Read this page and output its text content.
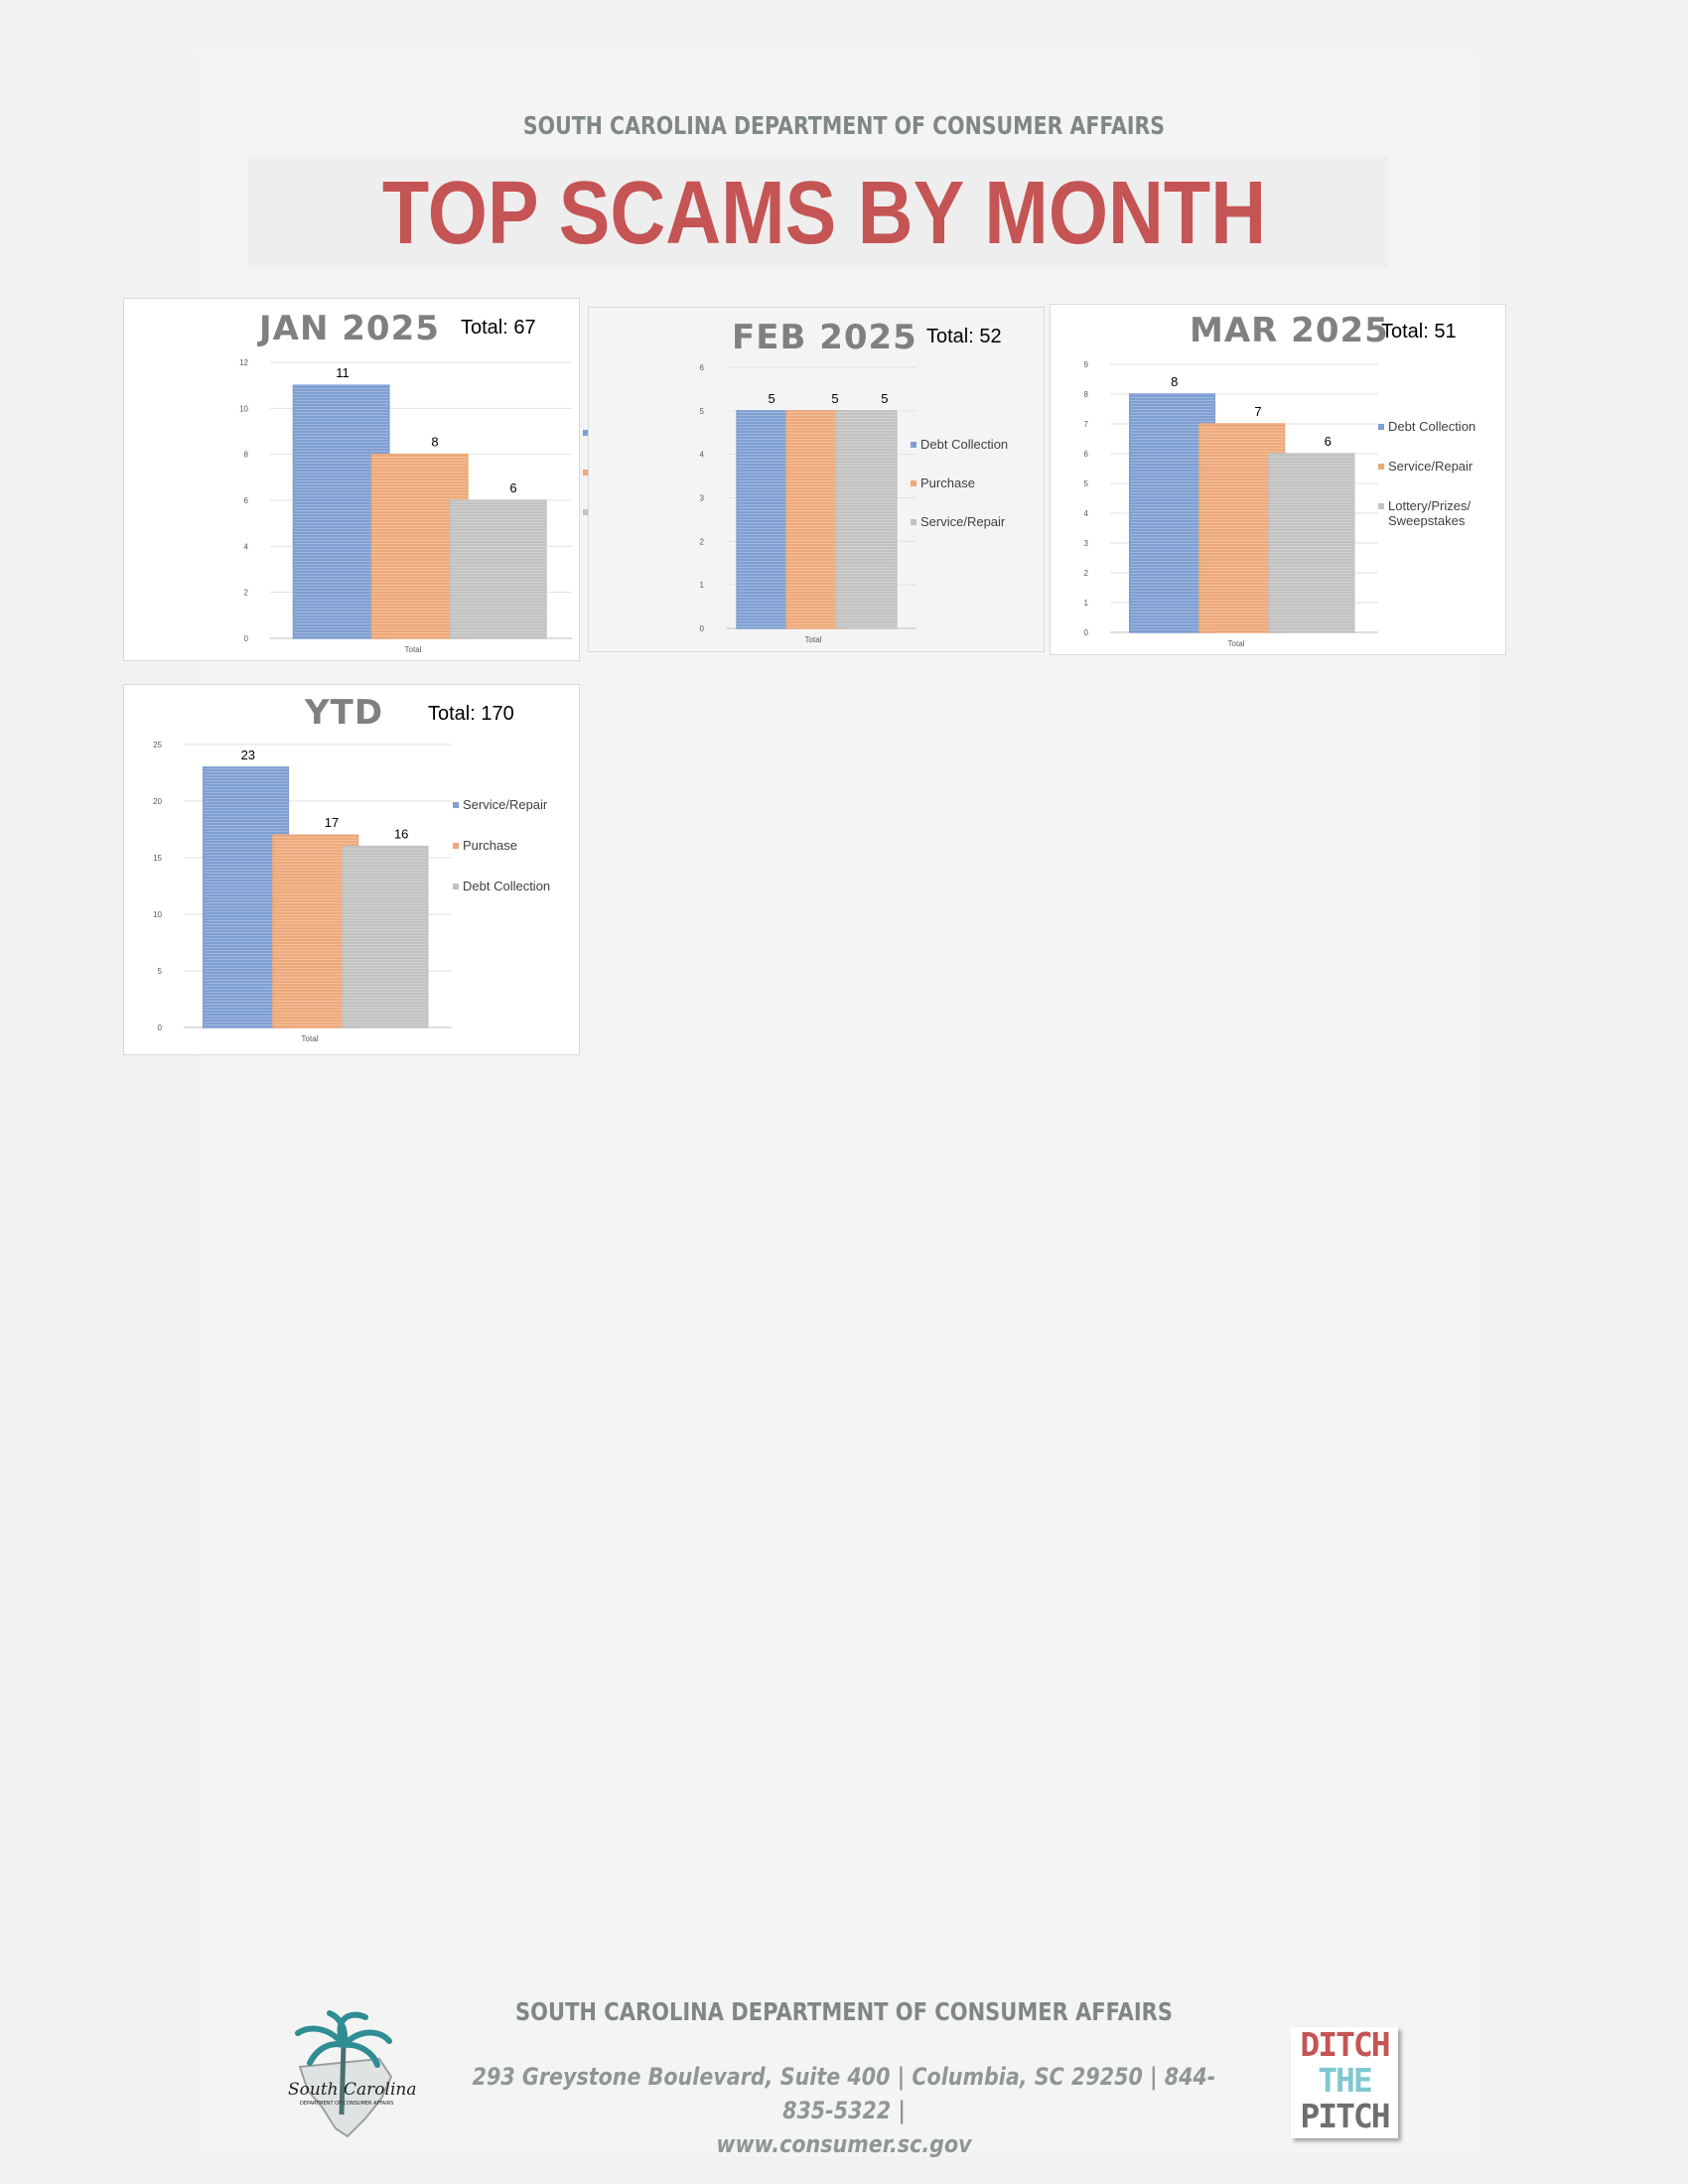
SOUTH CAROLINA DEPARTMENT OF CONSUMER AFFAIRS
TOP SCAMS BY MONTH
0
2
4
6
8
10
12
11
8
6
Total
JAN 2025 Total: 67
0
1
2
3
4
5
6
5	5	5
Total
Debt Collection
Purchase
Service/Repair
FEB 2025 Total: 52
0
1
2
3
4
5
6
7
8
9
8
7
6
Total
Debt Collection
Service/Repair
Lottery/Prizes/
Sweepstakes
MAR 2025
Total: 51
0
5
10
15
20
25
23
17
16
Total
Service/Repair
Purchase
Debt Collection
YTD Total: 170
South Carolina
DEPARTMENT OF CONSUMER AFFAIRS
SOUTH CAROLINA DEPARTMENT OF CONSUMER AFFAIRS
293 Greystone Boulevard, Suite 400 | Columbia, SC 29250 | 844-835-5322 |
www.consumer.sc.gov
DITCH
THE
PITCH
